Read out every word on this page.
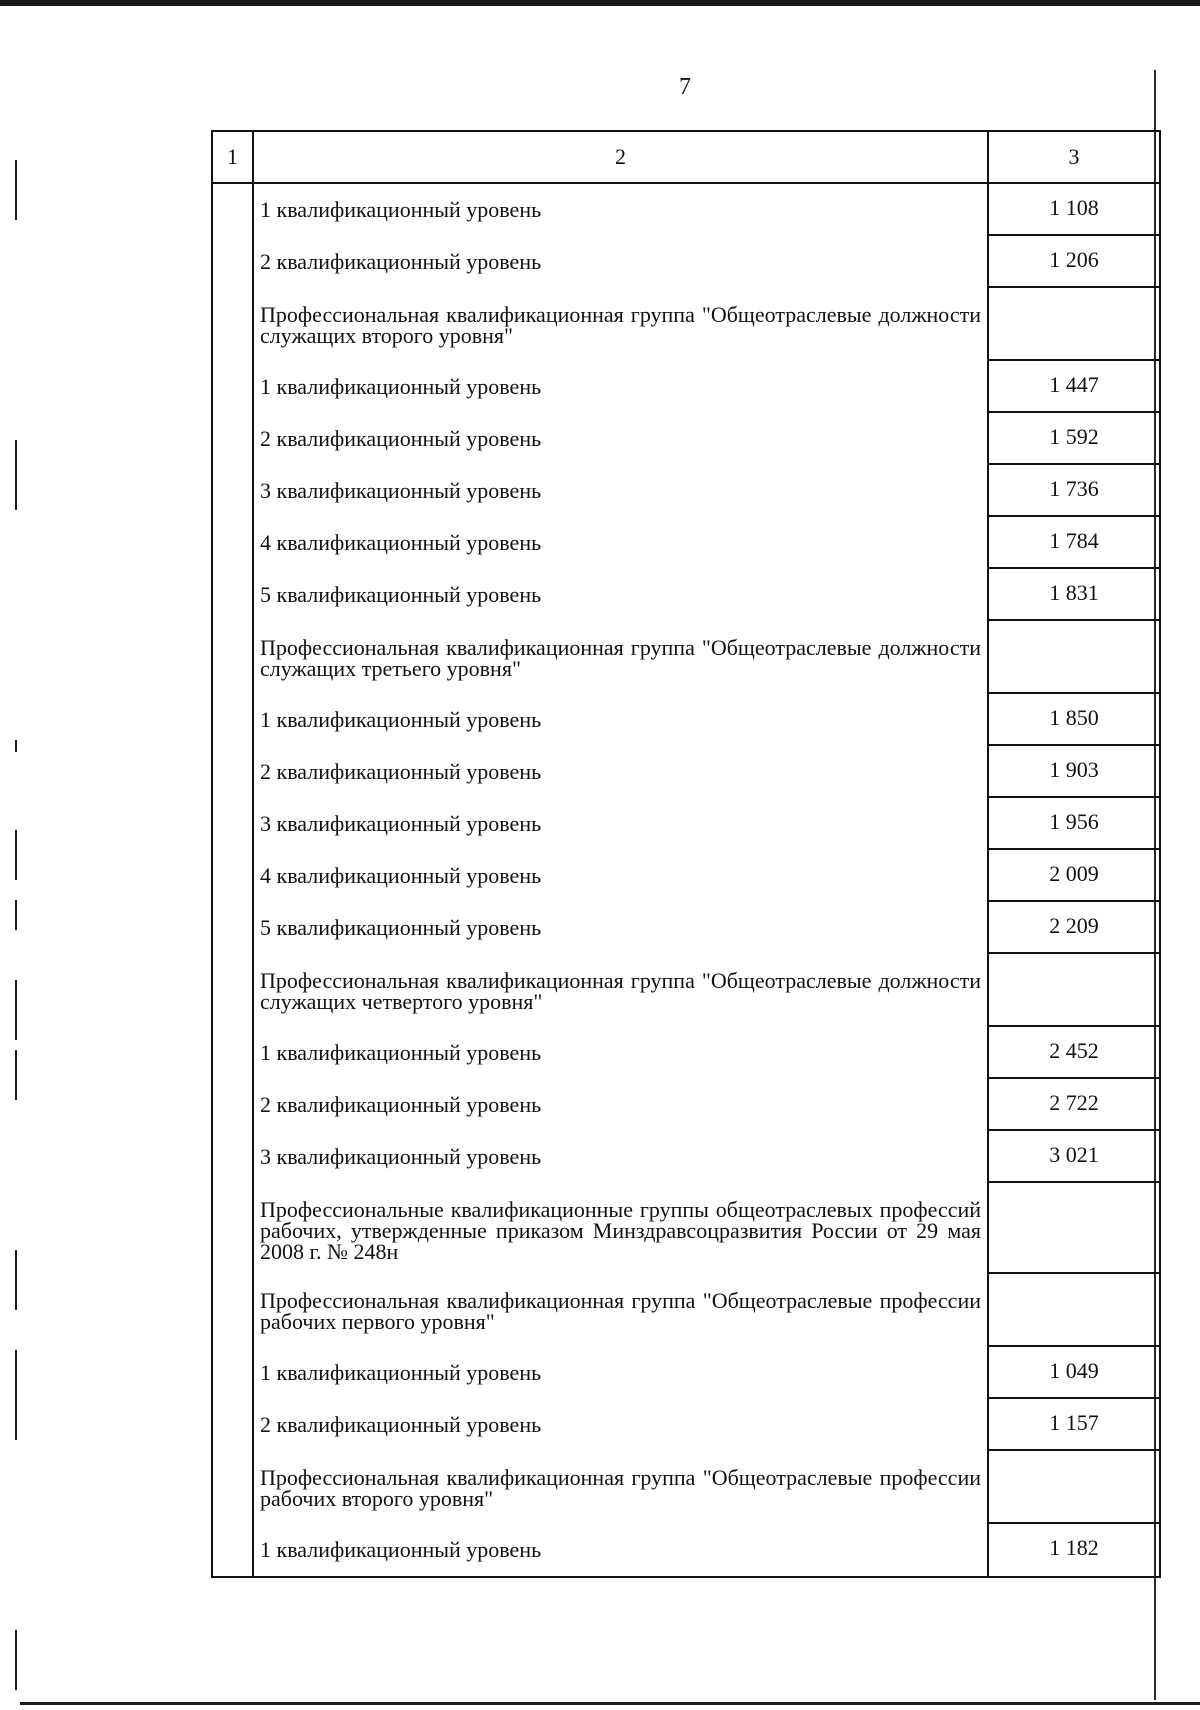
7
1	2	3
1 квалификационный уровень	1 108
2 квалификационный уровень	1 206
Профессиональная квалификационная группа "Общеотраслевые должности служащих второго уровня"
1 квалификационный уровень	1 447
2 квалификационный уровень	1 592
3 квалификационный уровень	1 736
4 квалификационный уровень	1 784
5 квалификационный уровень	1 831
Профессиональная квалификационная группа "Общеотраслевые должности служащих третьего уровня"
1 квалификационный уровень	1 850
2 квалификационный уровень	1 903
3 квалификационный уровень	1 956
4 квалификационный уровень	2 009
5 квалификационный уровень	2 209
Профессиональная квалификационная группа "Общеотраслевые должности служащих четвертого уровня"
1 квалификационный уровень	2 452
2 квалификационный уровень	2 722
3 квалификационный уровень	3 021
Профессиональные квалификационные группы общеотраслевых профессий рабочих, утвержденные приказом Минздравсоцразвития России от 29 мая 2008 г. № 248н
Профессиональная квалификационная группа "Общеотраслевые профессии рабочих первого уровня"
1 квалификационный уровень	1 049
2 квалификационный уровень	1 157
Профессиональная квалификационная группа "Общеотраслевые профессии рабочих второго уровня"
1 квалификационный уровень	1 182
